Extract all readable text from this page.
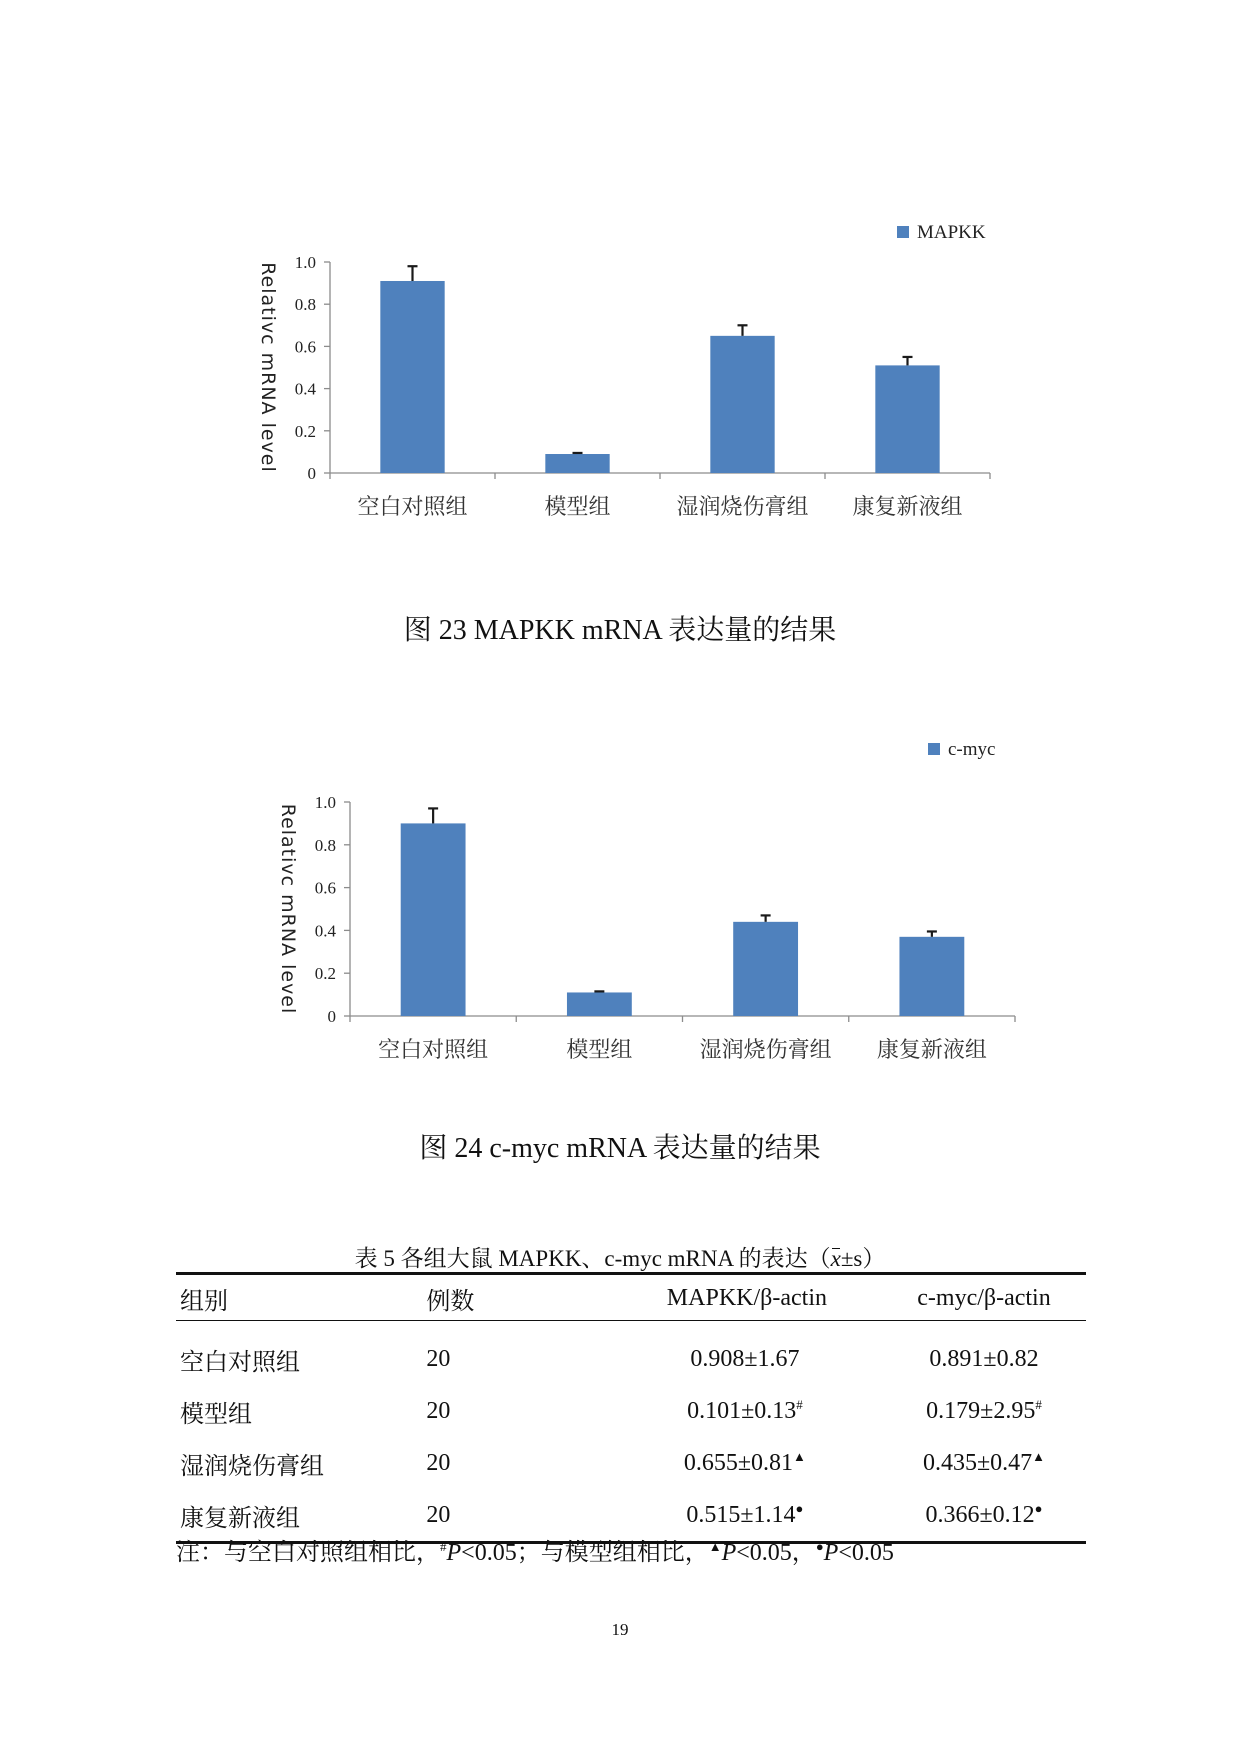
0
0.2
0.4
0.6
0.8
1.0
Relativc mRNA level
空白对照组	模型组	湿润烧伤膏组 康复新液组
图 23 MAPKK mRNA 表达量的结果
0
0.2
0.4
0.6
0.8
1.0
Relativc mRNA level
空白对照组	模型组	湿润烧伤膏组 康复新液组
图 24 c-myc mRNA 表达量的结果
表 5 各组大鼠 MAPKK、c-myc mRNA 的表达（x±s）
组别	例数	MAPKK/β-actin	c-myc/β-actin
空白对照组	20	0.908±1.67	0.891±0.82
模型组	20	0.101±0.13#	0.179±2.95#
湿润烧伤膏组	20	0.655±0.81▲	0.435±0.47▲
康复新液组	20	0.515±1.14●	0.366±0.12●
注：与空白对照组相比，#P<0.05；与模型组相比，▲P<0.05，●P<0.05
19
MAPKK
c-myc
